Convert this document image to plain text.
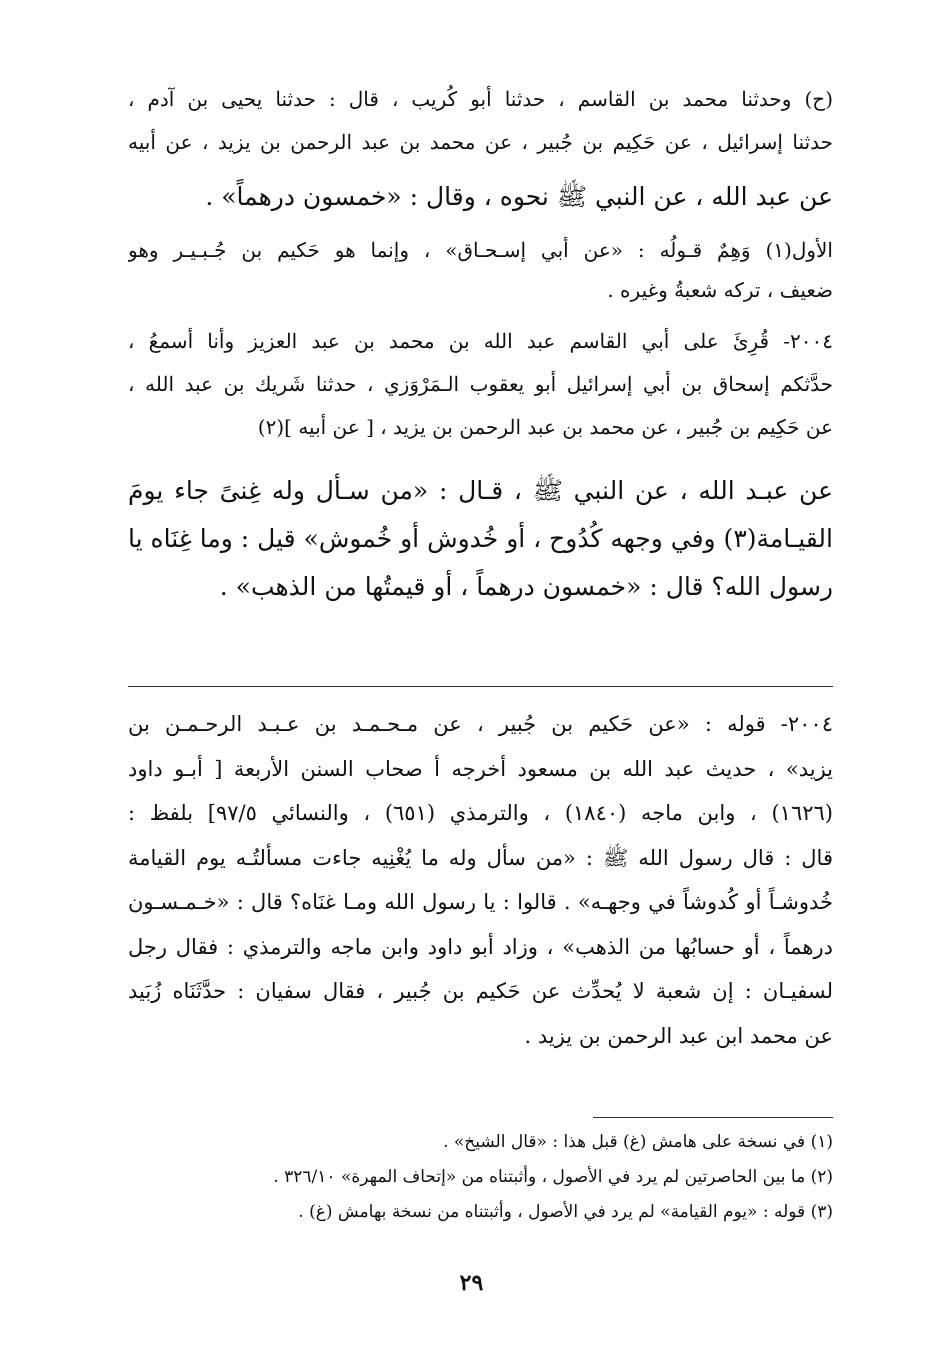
(ح) وحدثنا محمد بن القاسم ، حدثنا أبو كُريب ، قال : حدثنا يحيى بن آدم ،
حدثنا إسرائيل ، عن حَكِيم بن جُبير ، عن محمد بن عبد الرحمن بن يزيد ، عن أبيه
عن عبد الله ، عن النبي ﷺ نحوه ، وقال : «خمسون درهماً» .
الأول(١) وَهِمٌ قـولُه : «عن أبي إسـحـاق» ، وإنما هو حَكيم بن جُـبـيـر وهو
ضعيف ، تركه شعبةُ وغيره .
٢٠٠٤- قُرِئَ على أبي القاسم عبد الله بن محمد بن عبد العزيز وأنا أسمعُ ،
حدَّثكم إسحاق بن أبي إسرائيل أبو يعقوب الـمَرْوَزي ، حدثنا شَريك بن عبد الله ،
عن حَكِيم بن جُبير ، عن محمد بن عبد الرحمن بن يزيد ، [ عن أبيه ](٢)
عن عبـد الله ، عن النبي ﷺ ، قـال : «من سـأل وله غِنىً جاء يومَ
القيـامة(٣) وفي وجهه كُدُوح ، أو خُدوش أو خُموش» قيل : وما غِنَاه يا
رسول الله؟ قال : «خمسون درهماً ، أو قيمتُها من الذهب» .
٢٠٠٤- قوله : «عن حَكيم بن جُبير ، عن مـحـمـد بن عـبـد الرحـمـن بن
يزيد» ، حديث عبد الله بن مسعود أخرجه أ صحاب السنن الأربعة [ أبـو داود
(١٦٢٦) ، وابن ماجه (١٨٤٠) ، والترمذي (٦٥١) ، والنسائي ٩٧/٥] بلفظ :
قال : قال رسول الله ﷺ : «من سأل وله ما يُغْنِيه جاءت مسألتُـه يوم القيامة
خُدوشـاً أو كُدوشاً في وجهـه» . قالوا : يا رسول الله ومـا غنَاه؟ قال : «خـمـسـون
درهماً ، أو حسابُها من الذهب» ، وزاد أبو داود وابن ماجه والترمذي : فقال رجل
لسفيـان : إن شعبة لا يُحدِّث عن حَكيم بن جُبير ، فقال سفيان : حدَّثَنَاه زُبَيد
عن محمد ابن عبد الرحمن بن يزيد .
(١) في نسخة على هامش (غ) قبل هذا : «قال الشيخ» .
(٢) ما بين الحاصرتين لم يرد في الأصول ، وأثبتناه من «إتحاف المهرة» ٣٢٦/١٠ .
(٣) قوله : «يوم القيامة» لم يرد في الأصول ، وأثبتناه من نسخة بهامش (غ) .
٢٩
